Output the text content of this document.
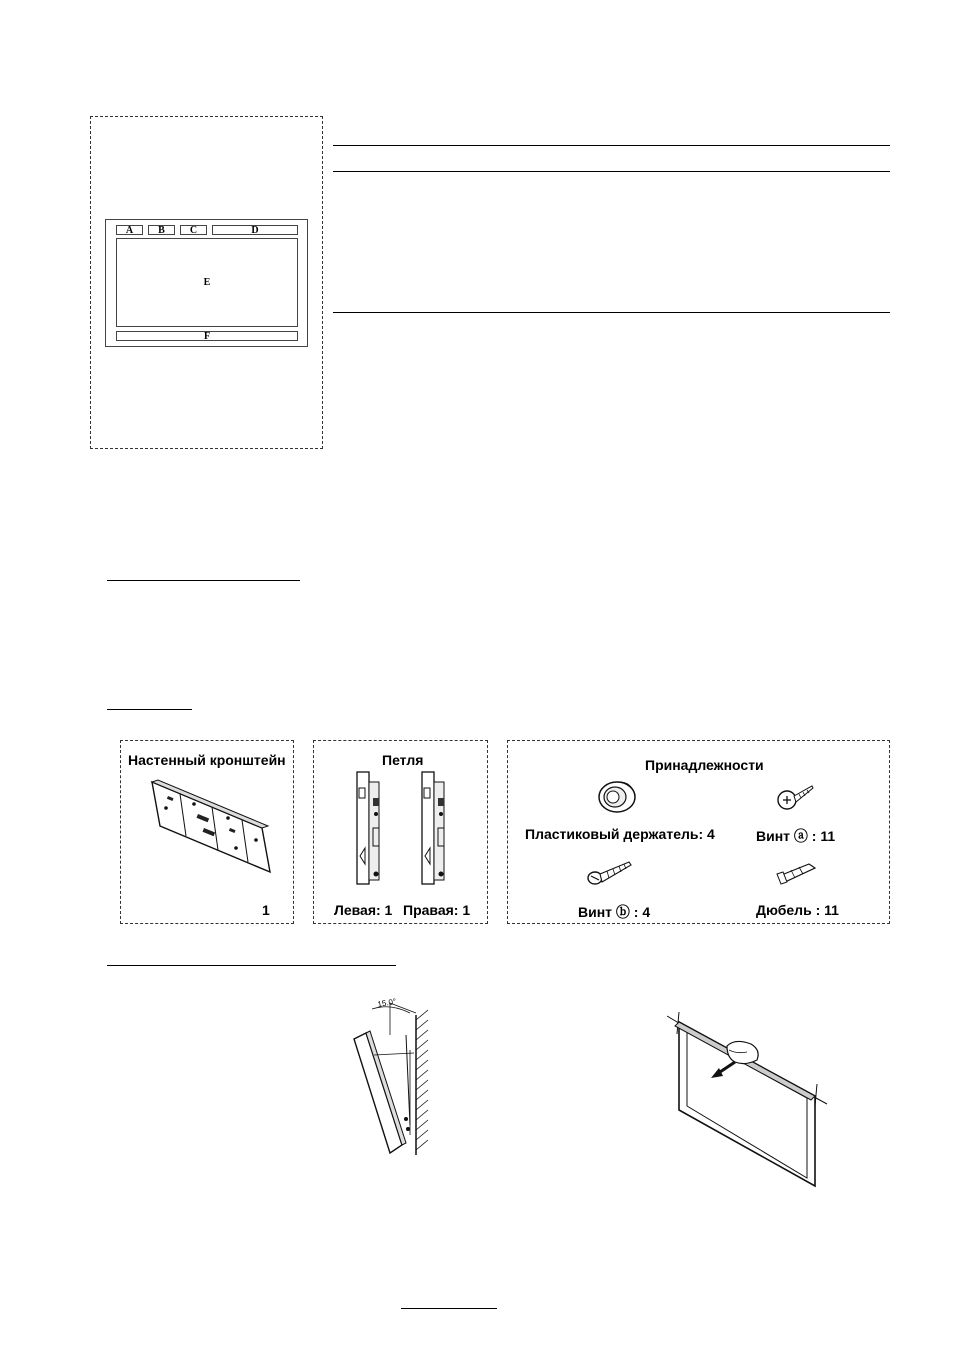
A	B	C	D
E
F
Настенный кронштейн
1
Петля
Левая: 1 Правая: 1
Принадлежности
Пластиковый держатель: 4	Винт ⓐ : 11
Винт ⓑ : 4	Дюбель : 11
15.0°
